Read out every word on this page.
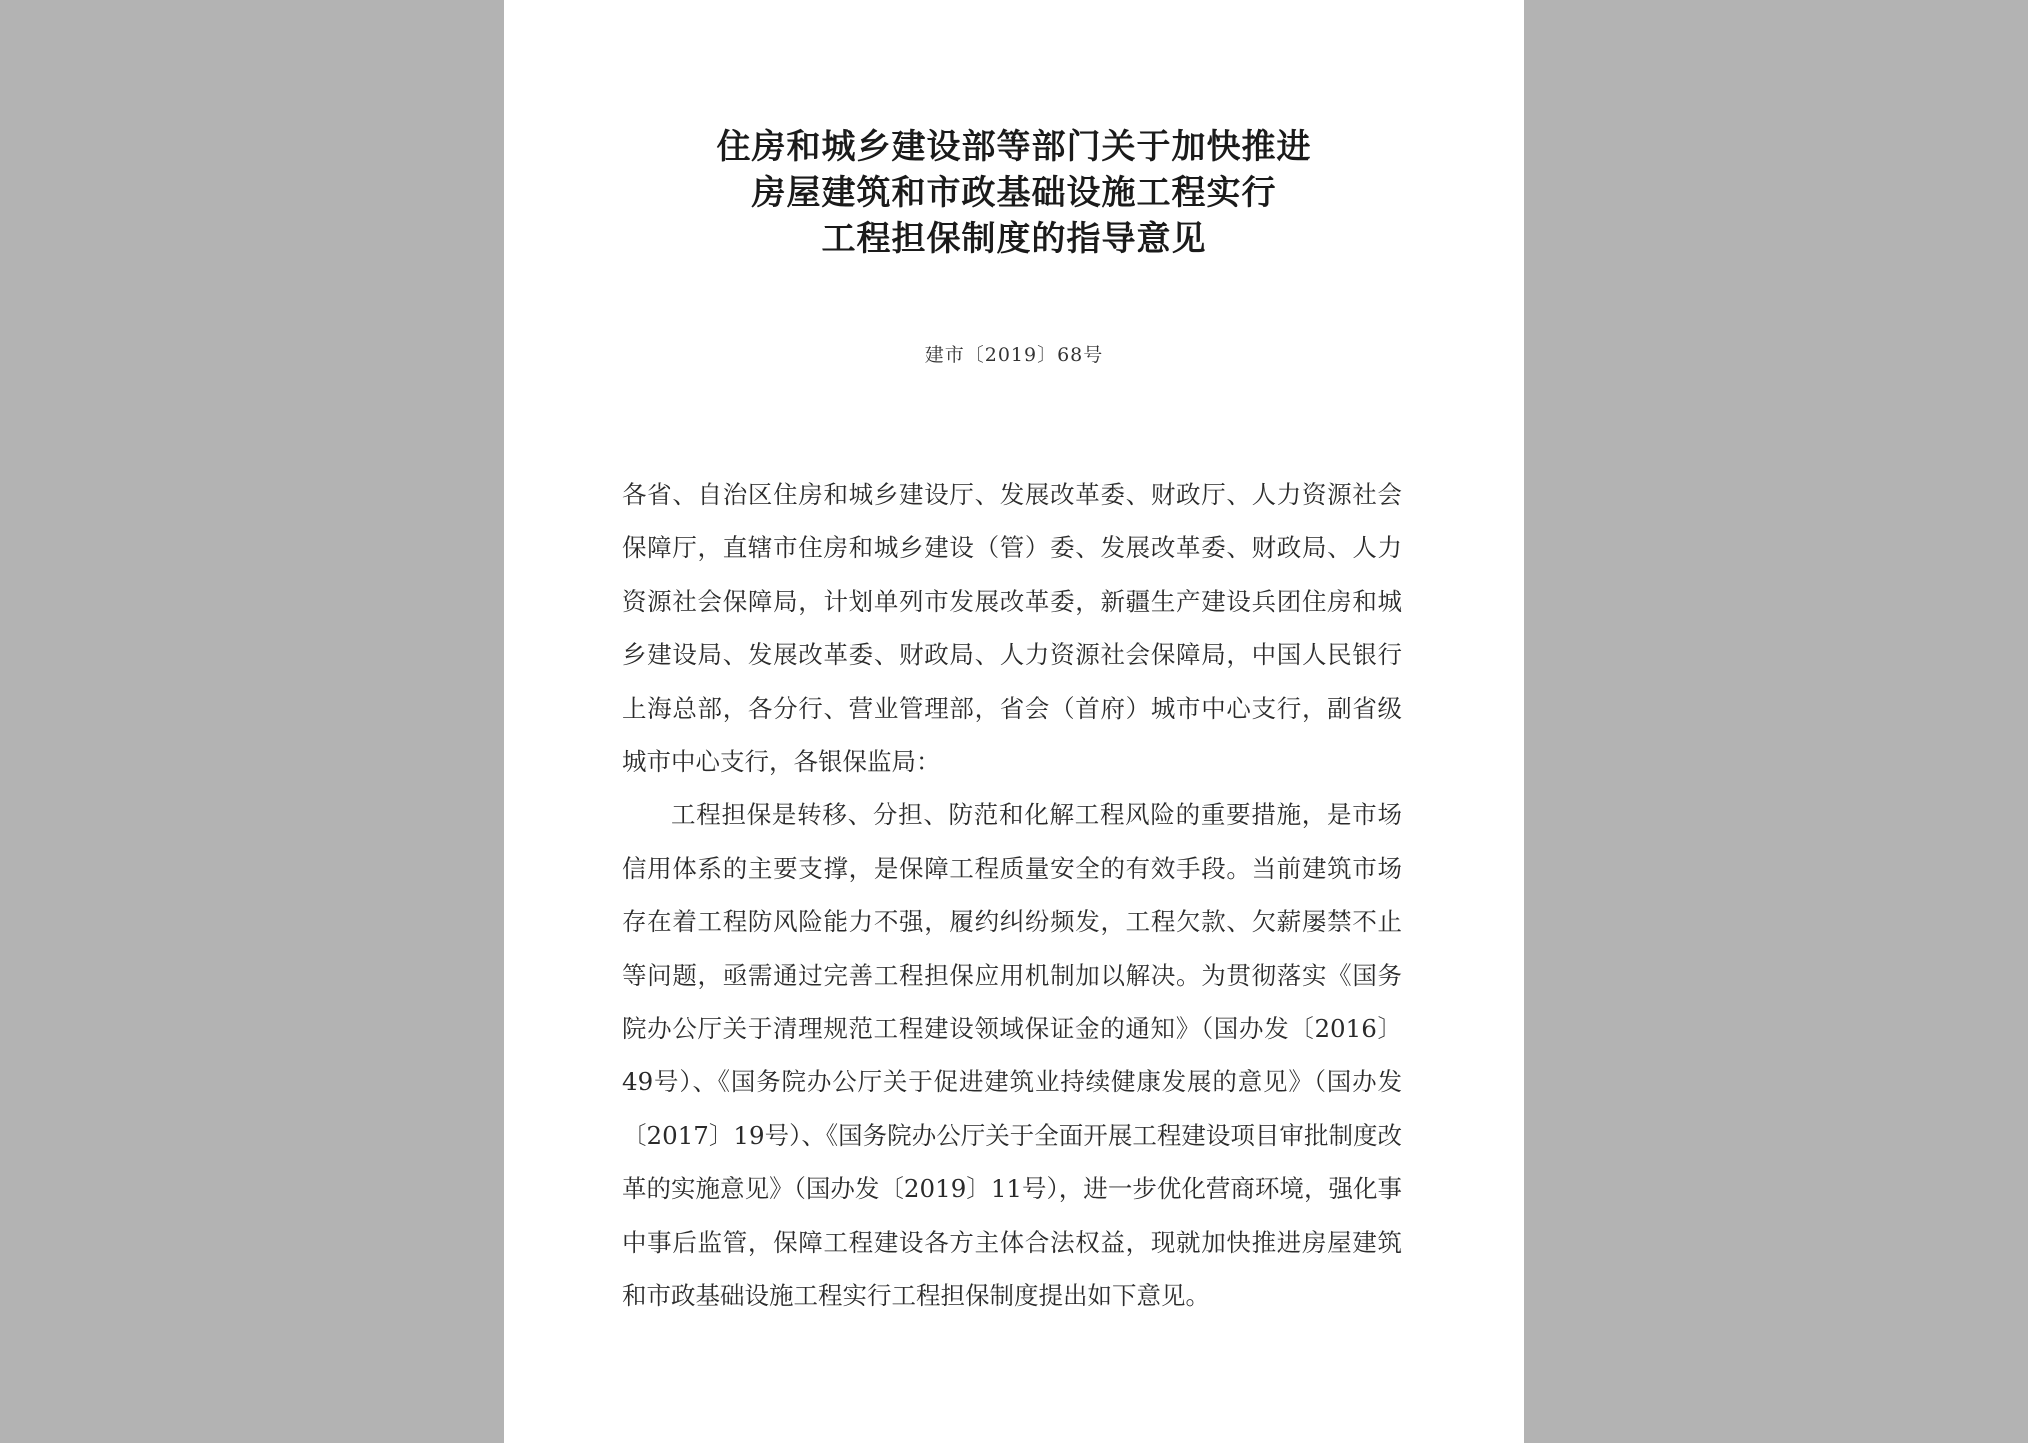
住房和城乡建设部等部门关于加快推进
房屋建筑和市政基础设施工程实行
工程担保制度的指导意见
建市〔2019〕68号

各省、自治区住房和城乡建设厅、发展改革委、财政厅、人力资源社会保障厅，直辖市住房和城乡建设（管）委、发展改革委、财政局、人力资源社会保障局，计划单列市发展改革委，新疆生产建设兵团住房和城乡建设局、发展改革委、财政局、人力资源社会保障局，中国人民银行上海总部，各分行、营业管理部，省会（首府）城市中心支行，副省级城市中心支行，各银保监局：

工程担保是转移、分担、防范和化解工程风险的重要措施，是市场信用体系的主要支撑，是保障工程质量安全的有效手段。当前建筑市场存在着工程防风险能力不强，履约纠纷频发，工程欠款、欠薪屡禁不止等问题，亟需通过完善工程担保应用机制加以解决。为贯彻落实《国务院办公厅关于清理规范工程建设领域保证金的通知》（国办发〔2016〕49号）、《国务院办公厅关于促进建筑业持续健康发展的意见》（国办发〔2017〕19号）、《国务院办公厅关于全面开展工程建设项目审批制度改革的实施意见》（国办发〔2019〕11号），进一步优化营商环境，强化事中事后监管，保障工程建设各方主体合法权益，现就加快推进房屋建筑和市政基础设施工程实行工程担保制度提出如下意见。
